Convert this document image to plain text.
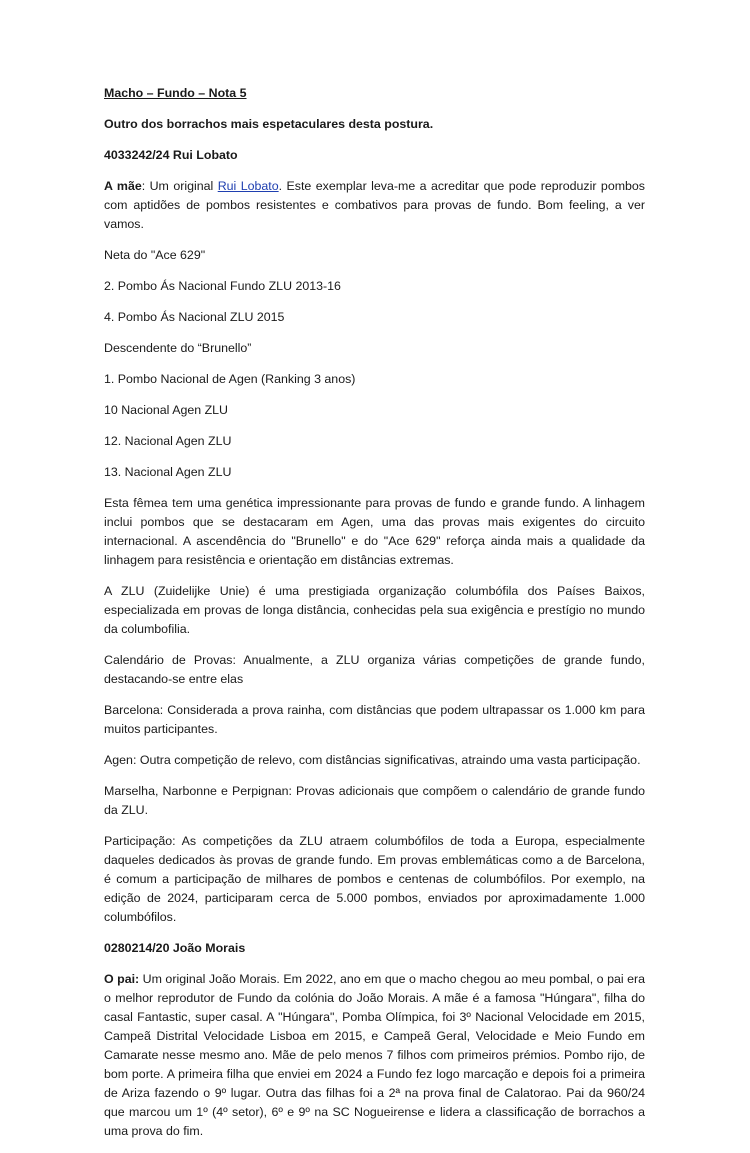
Macho – Fundo – Nota 5

Outro dos borrachos mais espetaculares desta postura.

4033242/24 Rui Lobato

A mãe: Um original Rui Lobato. Este exemplar leva-me a acreditar que pode reproduzir pombos com aptidões de pombos resistentes e combativos para provas de fundo. Bom feeling, a ver vamos.

Neta do "Ace 629"

2. Pombo Ás Nacional Fundo ZLU 2013-16

4. Pombo Ás Nacional ZLU 2015

Descendente do “Brunello”

1. Pombo Nacional de Agen (Ranking 3 anos)

10 Nacional Agen ZLU

12. Nacional Agen ZLU

13. Nacional Agen ZLU

Esta fêmea tem uma genética impressionante para provas de fundo e grande fundo. A linhagem inclui pombos que se destacaram em Agen, uma das provas mais exigentes do circuito internacional. A ascendência do "Brunello" e do "Ace 629" reforça ainda mais a qualidade da linhagem para resistência e orientação em distâncias extremas.

A ZLU (Zuidelijke Unie) é uma prestigiada organização columbófila dos Países Baixos, especializada em provas de longa distância, conhecidas pela sua exigência e prestígio no mundo da columbofilia.

Calendário de Provas: Anualmente, a ZLU organiza várias competições de grande fundo, destacando-se entre elas

Barcelona: Considerada a prova rainha, com distâncias que podem ultrapassar os 1.000 km para muitos participantes.

Agen: Outra competição de relevo, com distâncias significativas, atraindo uma vasta participação.

Marselha, Narbonne e Perpignan: Provas adicionais que compõem o calendário de grande fundo da ZLU.

Participação: As competições da ZLU atraem columbófilos de toda a Europa, especialmente daqueles dedicados às provas de grande fundo. Em provas emblemáticas como a de Barcelona, é comum a participação de milhares de pombos e centenas de columbófilos. Por exemplo, na edição de 2024, participaram cerca de 5.000 pombos, enviados por aproximadamente 1.000 columbófilos.

0280214/20 João Morais

O pai: Um original João Morais. Em 2022, ano em que o macho chegou ao meu pombal, o pai era o melhor reprodutor de Fundo da colónia do João Morais. A mãe é a famosa "Húngara", filha do casal Fantastic, super casal. A "Húngara", Pomba Olímpica, foi 3º Nacional Velocidade em 2015, Campeã Distrital Velocidade Lisboa em 2015, e Campeã Geral, Velocidade e Meio Fundo em Camarate nesse mesmo ano. Mãe de pelo menos 7 filhos com primeiros prémios. Pombo rijo, de bom porte. A primeira filha que enviei em 2024 a Fundo fez logo marcação e depois foi a primeira de Ariza fazendo o 9º lugar. Outra das filhas foi a 2ª na prova final de Calatorao. Pai da 960/24 que marcou um 1º (4º setor), 6º e 9º na SC Nogueirense e lidera a classificação de borrachos a uma prova do fim.
